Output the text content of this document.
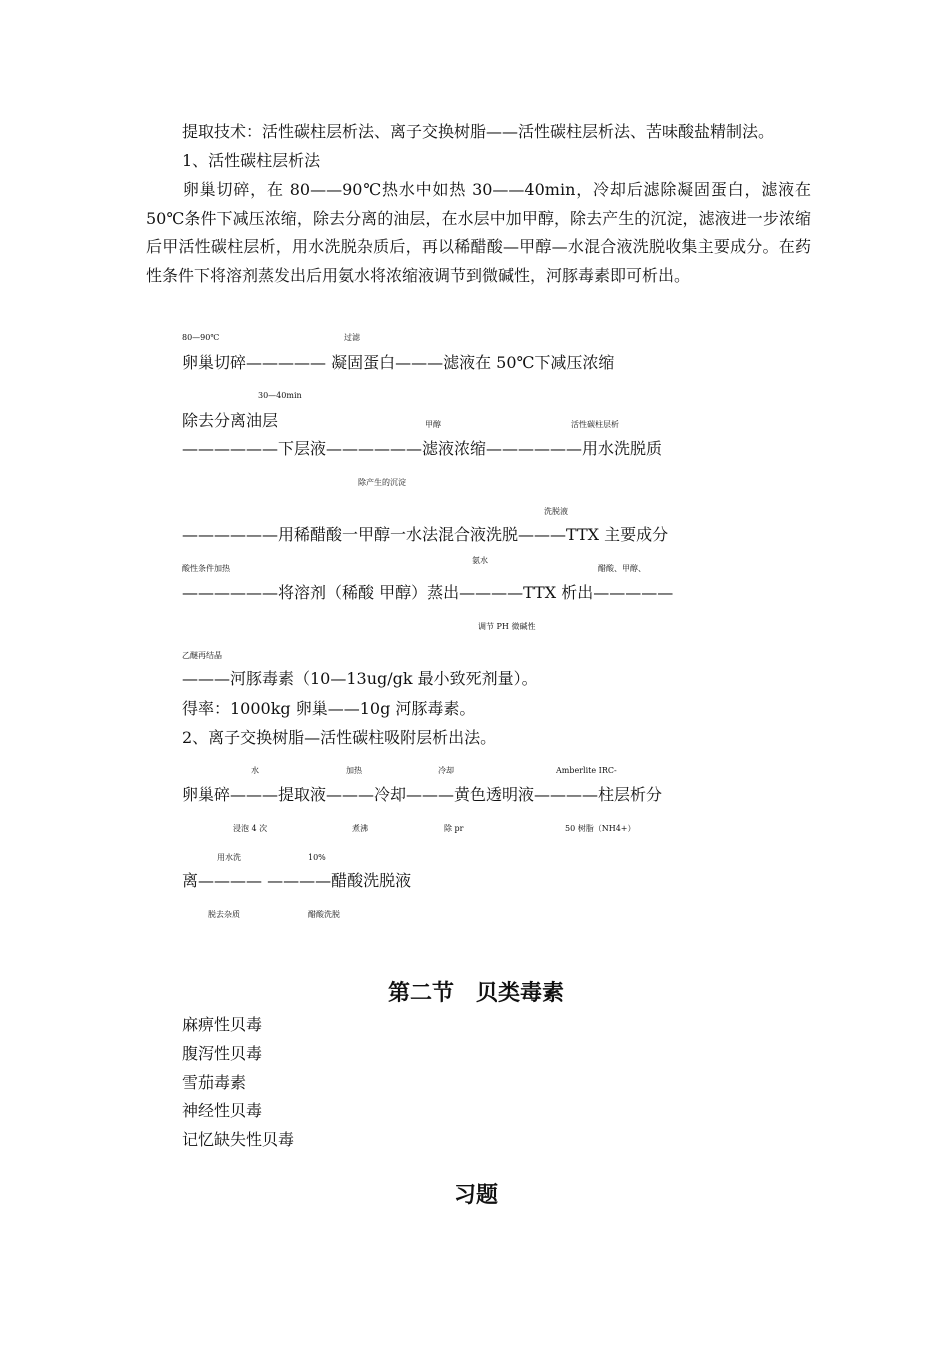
提取技术：活性碳柱层析法、离子交换树脂——活性碳柱层析法、苦味酸盐精制法。
1、活性碳柱层析法
卵巢切碎，在 80——90℃热水中如热 30——40min，冷却后滤除凝固蛋白，滤液在 50℃条件下减压浓缩，除去分离的油层，在水层中加甲醇，除去产生的沉淀，滤液进一步浓缩后甲活性碳柱层析，用水洗脱杂质后，再以稀醋酸—甲醇—水混合液洗脱收集主要成分。在药性条件下将溶剂蒸发出后用氨水将浓缩液调节到微碱性，河豚毒素即可析出。
80—90℃	过滤
卵巢切碎————— 凝固蛋白———滤液在 50℃下减压浓缩
30—40min
除去分离油层	甲醇	活性碳柱层析
——————下层液——————滤液浓缩——————用水洗脱质
除产生的沉淀
洗脱液
——————用稀醋酸一甲醇一水法混合液洗脱———TTX 主要成分
酸性条件加热
氨水
醋酸、甲醇、
——————将溶剂（稀酸 甲醇）蒸出————TTX 析出—————
调节 PH 微碱性
乙醚再结晶
———河豚毒素（10—13ug/gk 最小致死剂量）。
得率：1000kg 卵巢——10g 河豚毒素。
2、离子交换树脂—活性碳柱吸附层析出法。
水	加热	冷却	Amberlite IRC-
卵巢碎———提取液———冷却———黄色透明液————柱层析分
浸泡 4 次	煮沸	除 pr	50 树脂（NH4+）
用水洗	10%
离———— ————醋酸洗脱液
脱去杂质	醋酸洗脱
第二节　贝类毒素
麻痹性贝毒
腹泻性贝毒
雪茄毒素
神经性贝毒
记忆缺失性贝毒
习题
